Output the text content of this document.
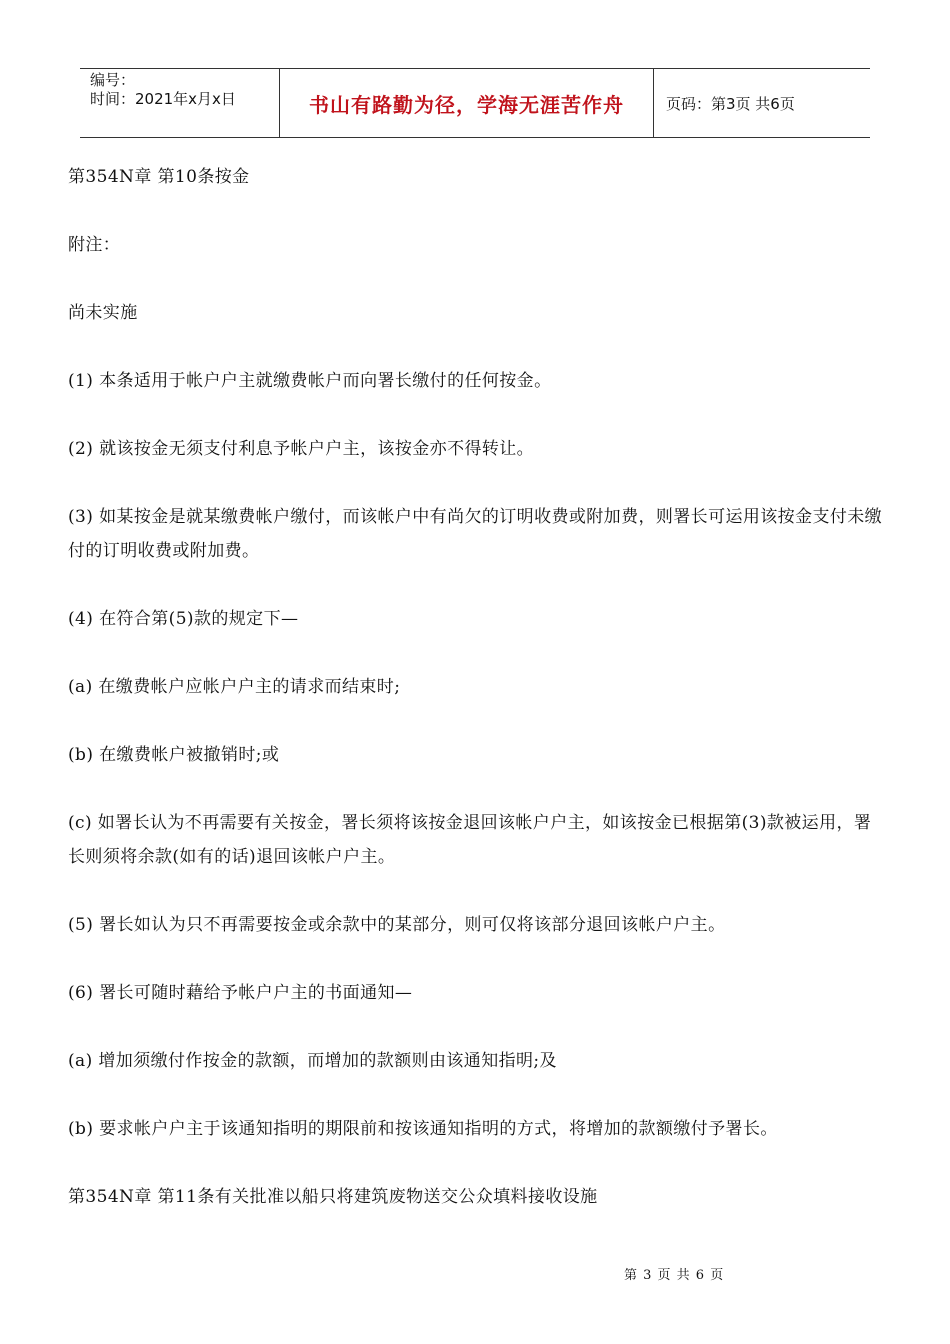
编号：
时间：2021年x月x日	书山有路勤为径，学海无涯苦作舟	页码：第3页 共6页

第354N章 第10条按金

附注：

尚未实施

(1) 本条适用于帐户户主就缴费帐户而向署长缴付的任何按金。

(2) 就该按金无须支付利息予帐户户主，该按金亦不得转让。

(3) 如某按金是就某缴费帐户缴付，而该帐户中有尚欠的订明收费或附加费，则署长可运用该按金支付未缴付的订明收费或附加费。

(4) 在符合第(5)款的规定下—

(a) 在缴费帐户应帐户户主的请求而结束时;

(b) 在缴费帐户被撤销时;或

(c) 如署长认为不再需要有关按金，署长须将该按金退回该帐户户主，如该按金已根据第(3)款被运用，署长则须将余款(如有的话)退回该帐户户主。

(5) 署长如认为只不再需要按金或余款中的某部分，则可仅将该部分退回该帐户户主。

(6) 署长可随时藉给予帐户户主的书面通知—

(a) 增加须缴付作按金的款额，而增加的款额则由该通知指明;及

(b) 要求帐户户主于该通知指明的期限前和按该通知指明的方式，将增加的款额缴付予署长。

第354N章 第11条有关批准以船只将建筑废物送交公众填料接收设施

第 3 页 共 6 页
